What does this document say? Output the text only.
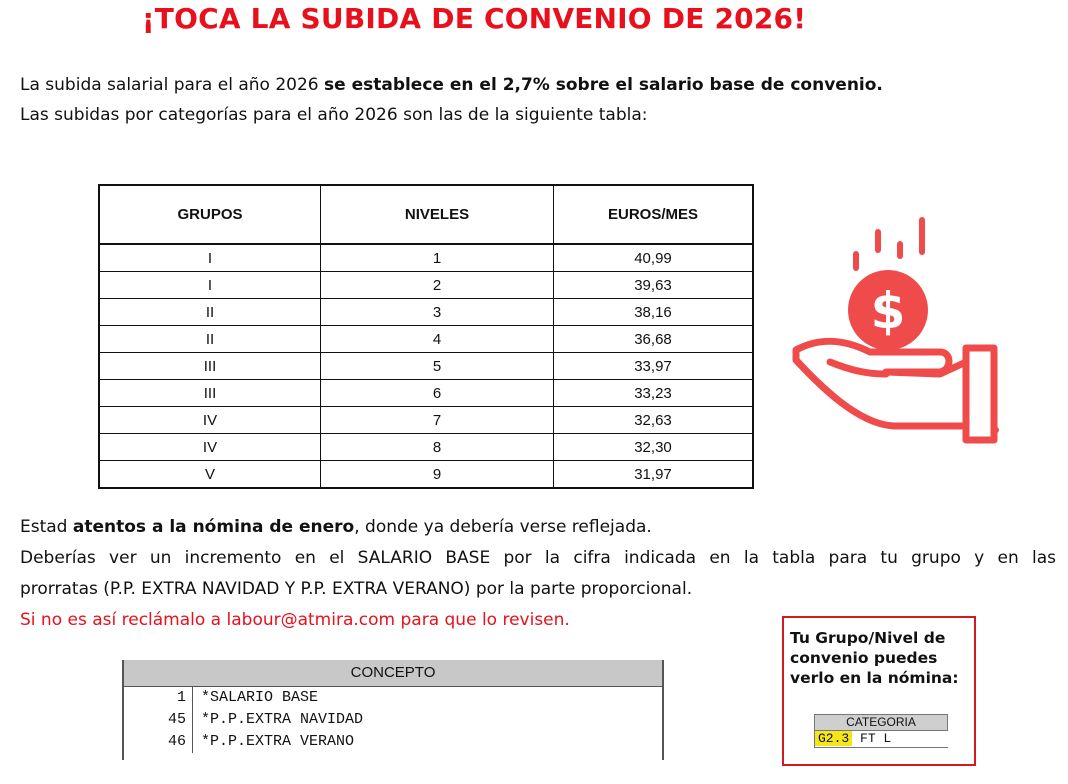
¡TOCA LA SUBIDA DE CONVENIO DE 2026!
La subida salarial para el año 2026 se establece en el 2,7% sobre el salario base de convenio.
Las subidas por categorías para el año 2026 son las de la siguiente tabla:
GRUPOS	NIVELES	EUROS/MES
I	1	40,99
I	2	39,63
II	3	38,16
II	4	36,68
III	5	33,97
III	6	33,23
IV	7	32,63
IV	8	32,30
V	9	31,97
$

Estad atentos a la nómina de enero, donde ya debería verse reflejada.

Deberías ver un incremento en el SALARIO BASE por la cifra indicada en la tabla para tu grupo y en las

prorratas (P.P. EXTRA NAVIDAD Y P.P. EXTRA VERANO) por la parte proporcional.

Si no es así reclámalo a labour@atmira.com para que lo revisen.

CONCEPTO
1	*SALARIO BASE
45	*P.P.EXTRA NAVIDAD
46	*P.P.EXTRA VERANO
Tu Grupo/Nivel de convenio puedes verlo en la nómina:
CATEGORIA
G2.3 FT L
